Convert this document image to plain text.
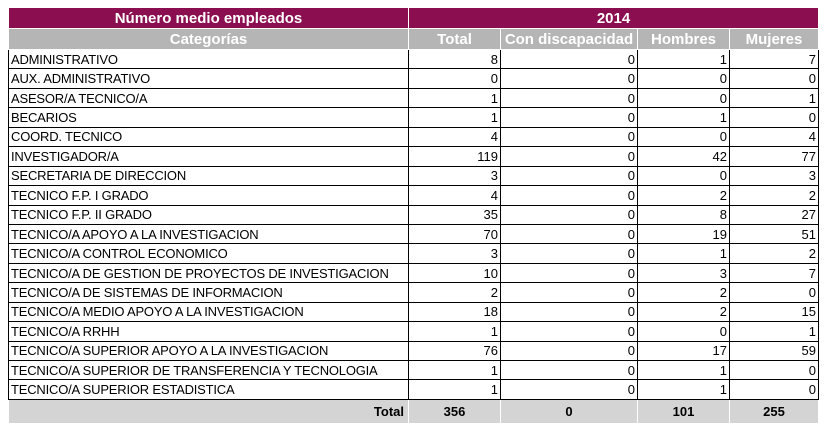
Número medio empleados	2014			
Categorías	Total	Con discapacidad	Hombres	Mujeres
ADMINISTRATIVO	8	0	1	7
AUX. ADMINISTRATIVO	0	0	0	0
ASESOR/A TECNICO/A	1	0	0	1
BECARIOS	1	0	1	0
COORD. TECNICO	4	0	0	4
INVESTIGADOR/A	119	0	42	77
SECRETARIA DE DIRECCION	3	0	0	3
TECNICO F.P. I GRADO	4	0	2	2
TECNICO F.P. II GRADO	35	0	8	27
TECNICO/A APOYO A LA INVESTIGACION	70	0	19	51
TECNICO/A CONTROL ECONOMICO	3	0	1	2
TECNICO/A DE GESTION DE PROYECTOS DE INVESTIGACION	10	0	3	7
TECNICO/A DE SISTEMAS DE INFORMACION	2	0	2	0
TECNICO/A MEDIO APOYO A LA INVESTIGACION	18	0	2	15
TECNICO/A RRHH	1	0	0	1
TECNICO/A SUPERIOR APOYO A LA INVESTIGACION	76	0	17	59
TECNICO/A SUPERIOR DE TRANSFERENCIA Y TECNOLOGIA	1	0	1	0
TECNICO/A SUPERIOR ESTADISTICA	1	0	1	0
Total	356	0	101	255
